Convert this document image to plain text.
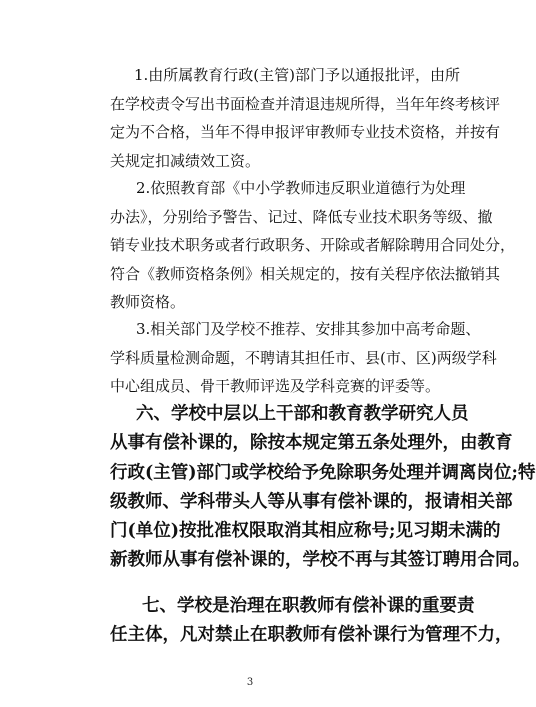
1.由所属教育行政(主管)部门予以通报批评，由所
在学校责令写出书面检查并清退违规所得，当年年终考核评
定为不合格，当年不得申报评审教师专业技术资格，并按有
关规定扣减绩效工资。
2.依照教育部《中小学教师违反职业道德行为处理
办法》，分别给予警告、记过、降低专业技术职务等级、撤
销专业技术职务或者行政职务、开除或者解除聘用合同处分，
符合《教师资格条例》相关规定的，按有关程序依法撤销其
教师资格。
3.相关部门及学校不推荐、安排其参加中高考命题、
学科质量检测命题，不聘请其担任市、县(市、区)两级学科
中心组成员、骨干教师评选及学科竞赛的评委等。
六、学校中层以上干部和教育教学研究人员
从事有偿补课的，除按本规定第五条处理外，由教育
行政(主管)部门或学校给予免除职务处理并调离岗位;特
级教师、学科带头人等从事有偿补课的，报请相关部
门(单位)按批准权限取消其相应称号;见习期未满的
新教师从事有偿补课的，学校不再与其签订聘用合同。
七、学校是治理在职教师有偿补课的重要责
任主体，凡对禁止在职教师有偿补课行为管理不力，
3
